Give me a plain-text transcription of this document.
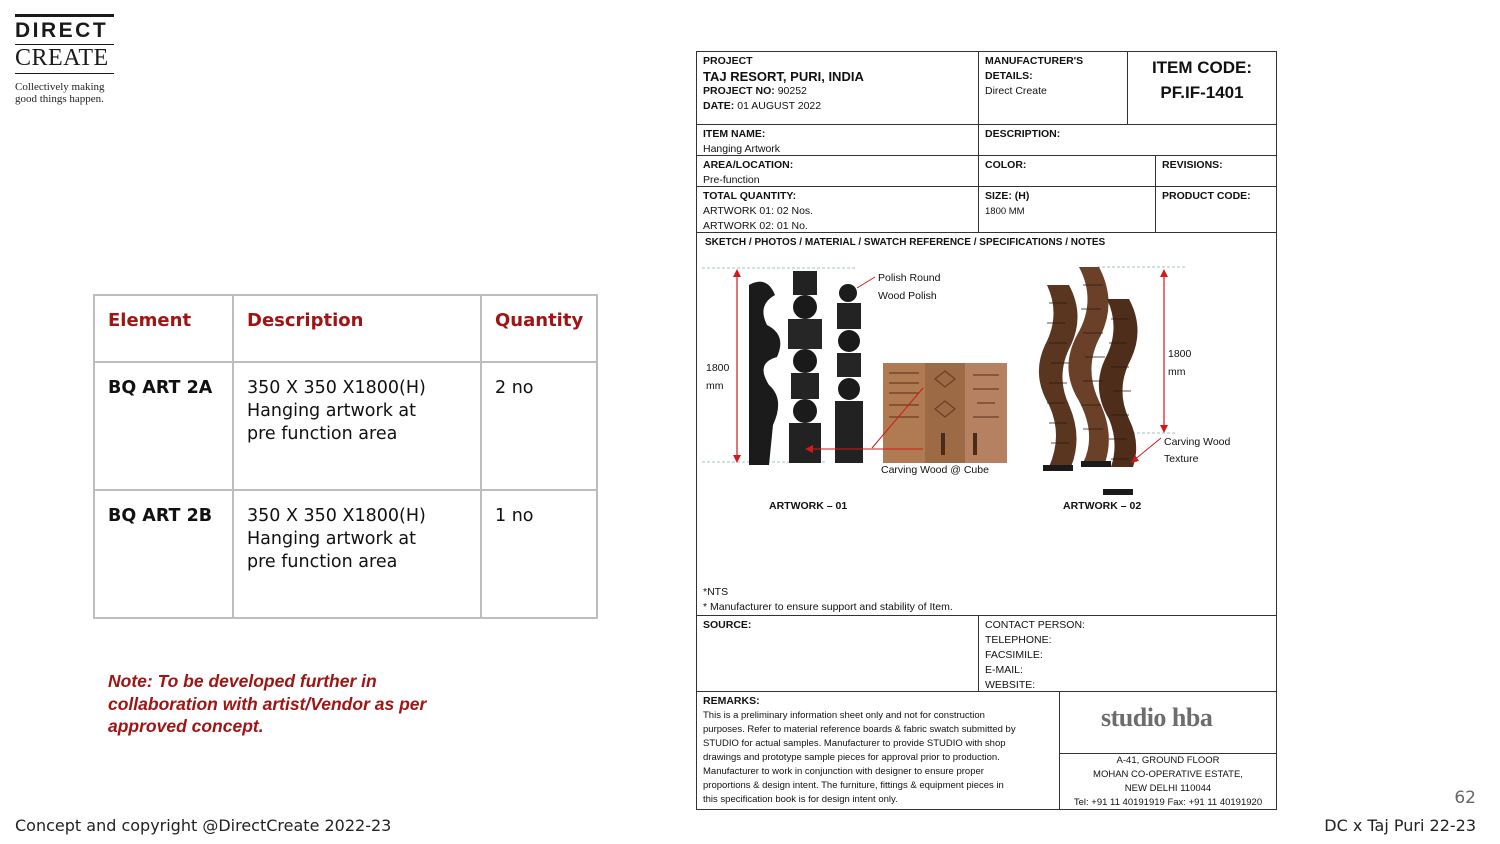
DIRECT
CREATE
Collectively making
good things happen.
Element	Description	Quantity
BQ ART 2A	350 X 350 X1800(H)
Hanging artwork at
pre function area	2 no
BQ ART 2B	350 X 350 X1800(H)
Hanging artwork at
pre function area	1 no
Note: To be developed further in
collaboration with artist/Vendor as per
approved concept.
PROJECT
TAJ RESORT, PURI, INDIA
PROJECT NO: 90252
DATE: 01 AUGUST 2022
MANUFACTURER'S
DETAILS:
Direct Create
ITEM CODE:
PF.IF-1401
ITEM NAME:
Hanging Artwork
DESCRIPTION:
AREA/LOCATION:
Pre-function
COLOR:	REVISIONS:
TOTAL QUANTITY:
ARTWORK 01: 02 Nos.
ARTWORK 02: 01 No.
SIZE: (H)
1800 MM
PRODUCT CODE:
SKETCH / PHOTOS / MATERIAL / SWATCH REFERENCE / SPECIFICATIONS / NOTES
Polish Round
Wood Polish
1800
mm
1800
mm
Carving Wood @ Cube
Carving Wood
Texture
ARTWORK – 01	ARTWORK – 02
*NTS
* Manufacturer to ensure support and stability of Item.
SOURCE:	CONTACT PERSON:
TELEPHONE:
FACSIMILE:
E-MAIL:
WEBSITE:
REMARKS:
This is a preliminary information sheet only and not for construction
purposes. Refer to material reference boards & fabric swatch submitted by
STUDIO for actual samples. Manufacturer to provide STUDIO with shop
drawings and prototype sample pieces for approval prior to production.
Manufacturer to work in conjunction with designer to ensure proper
proportions & design intent. The furniture, fittings & equipment pieces in
this specification book is for design intent only.
A-41, GROUND FLOOR
MOHAN CO-OPERATIVE ESTATE,
NEW DELHI 110044
Tel: +91 11 40191919 Fax: +91 11 40191920
studio hba
62
Concept and copyright @DirectCreate 2022-23	DC x Taj Puri 22-23
